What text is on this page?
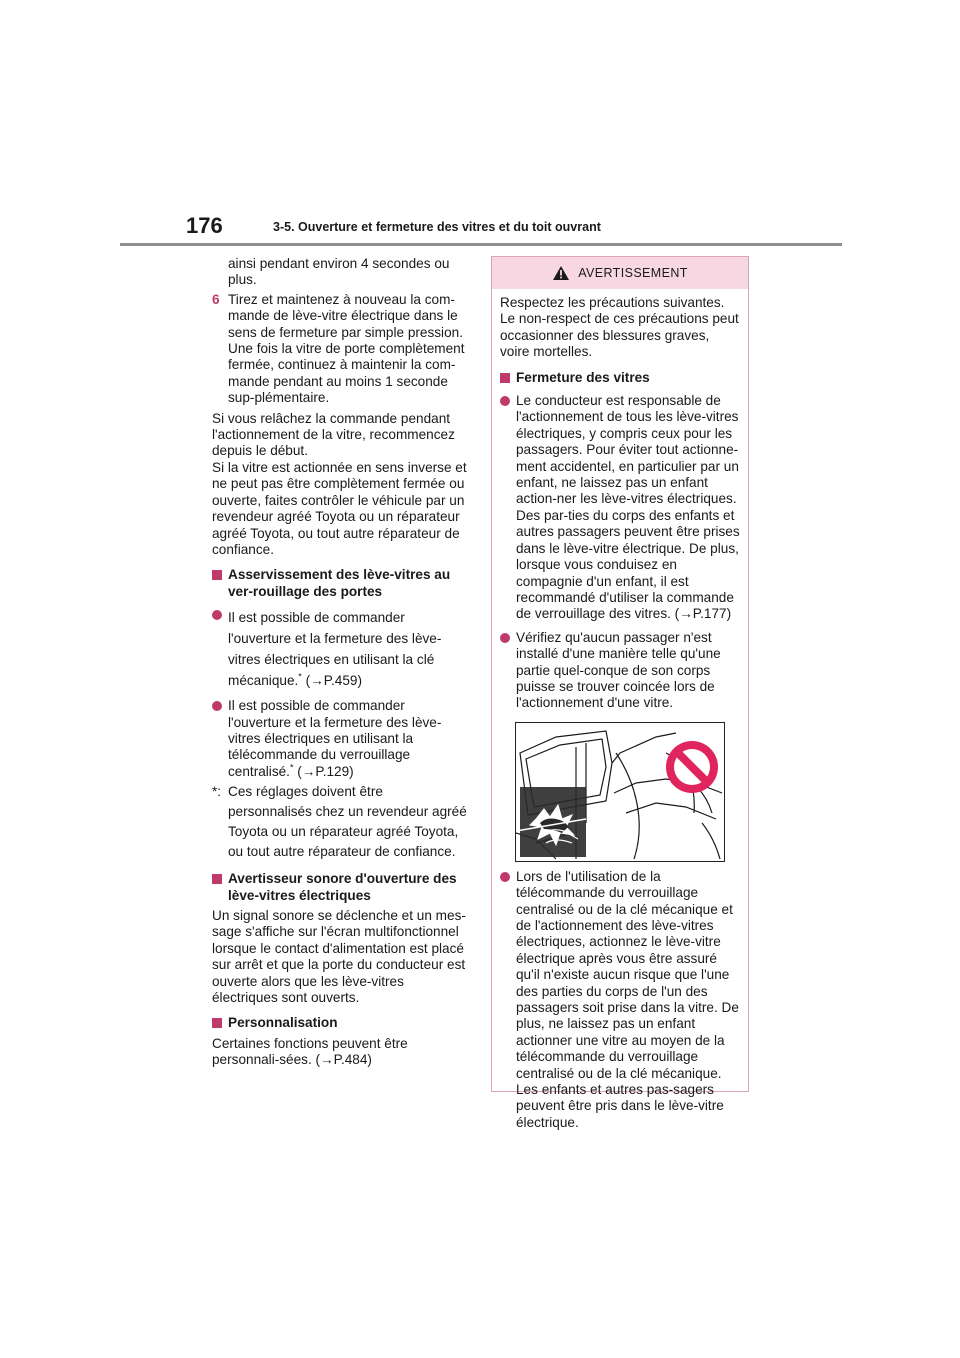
176	3-5. Ouverture et fermeture des vitres et du toit ouvrant

ainsi pendant environ 4 secondes ou plus.

6 Tirez et maintenez à nouveau la com-mande de lève-vitre électrique dans le sens de fermeture par simple pression. Une fois la vitre de porte complètement fermée, continuez à maintenir la com-mande pendant au moins 1 seconde sup-plémentaire.

Si vous relâchez la commande pendant l'actionnement de la vitre, recommencez depuis le début.

Si la vitre est actionnée en sens inverse et ne peut pas être complètement fermée ou ouverte, faites contrôler le véhicule par un revendeur agréé Toyota ou un réparateur agréé Toyota, ou tout autre réparateur de confiance.

Asservissement des lève-vitres au ver-rouillage des portes
Il est possible de commander l'ouverture et la fermeture des lève-vitres électriques en utilisant la clé mécanique.* (→P.459)
Il est possible de commander l'ouverture et la fermeture des lève-vitres électriques en utilisant la télécommande du verrouillage centralisé.* (→P.129)
*: Ces réglages doivent être personnalisés chez un revendeur agréé Toyota ou un réparateur agréé Toyota, ou tout autre réparateur de confiance.
Avertisseur sonore d'ouverture des lève-vitres électriques

Un signal sonore se déclenche et un mes-sage s'affiche sur l'écran multifonctionnel lorsque le contact d'alimentation est placé sur arrêt et que la porte du conducteur est ouverte alors que les lève-vitres électriques sont ouverts.

Personnalisation

Certaines fonctions peuvent être personnali-sées. (→P.484)

AVERTISSEMENT

Respectez les précautions suivantes. Le non-respect de ces précautions peut occasionner des blessures graves, voire mortelles.

Fermeture des vitres
Le conducteur est responsable de l'actionnement de tous les lève-vitres électriques, y compris ceux pour les passagers. Pour éviter tout actionne-ment accidentel, en particulier par un enfant, ne laissez pas un enfant action-ner les lève-vitres électriques. Des par-ties du corps des enfants et autres passagers peuvent être prises dans le lève-vitre électrique. De plus, lorsque vous conduisez en compagnie d'un enfant, il est recommandé d'utiliser la commande de verrouillage des vitres. (→P.177)
Vérifiez qu'aucun passager n'est installé d'une manière telle qu'une partie quel-conque de son corps puisse se trouver coincée lors de l'actionnement d'une vitre.
Lors de l'utilisation de la télécommande du verrouillage centralisé ou de la clé mécanique et de l'actionnement des lève-vitres électriques, actionnez le lève-vitre électrique après vous être assuré qu'il n'existe aucun risque que l'une des parties du corps de l'un des passagers soit prise dans la vitre. De plus, ne laissez pas un enfant actionner une vitre au moyen de la télécommande du verrouillage centralisé ou de la clé mécanique. Les enfants et autres pas-sagers peuvent être pris dans le lève-vitre électrique.
